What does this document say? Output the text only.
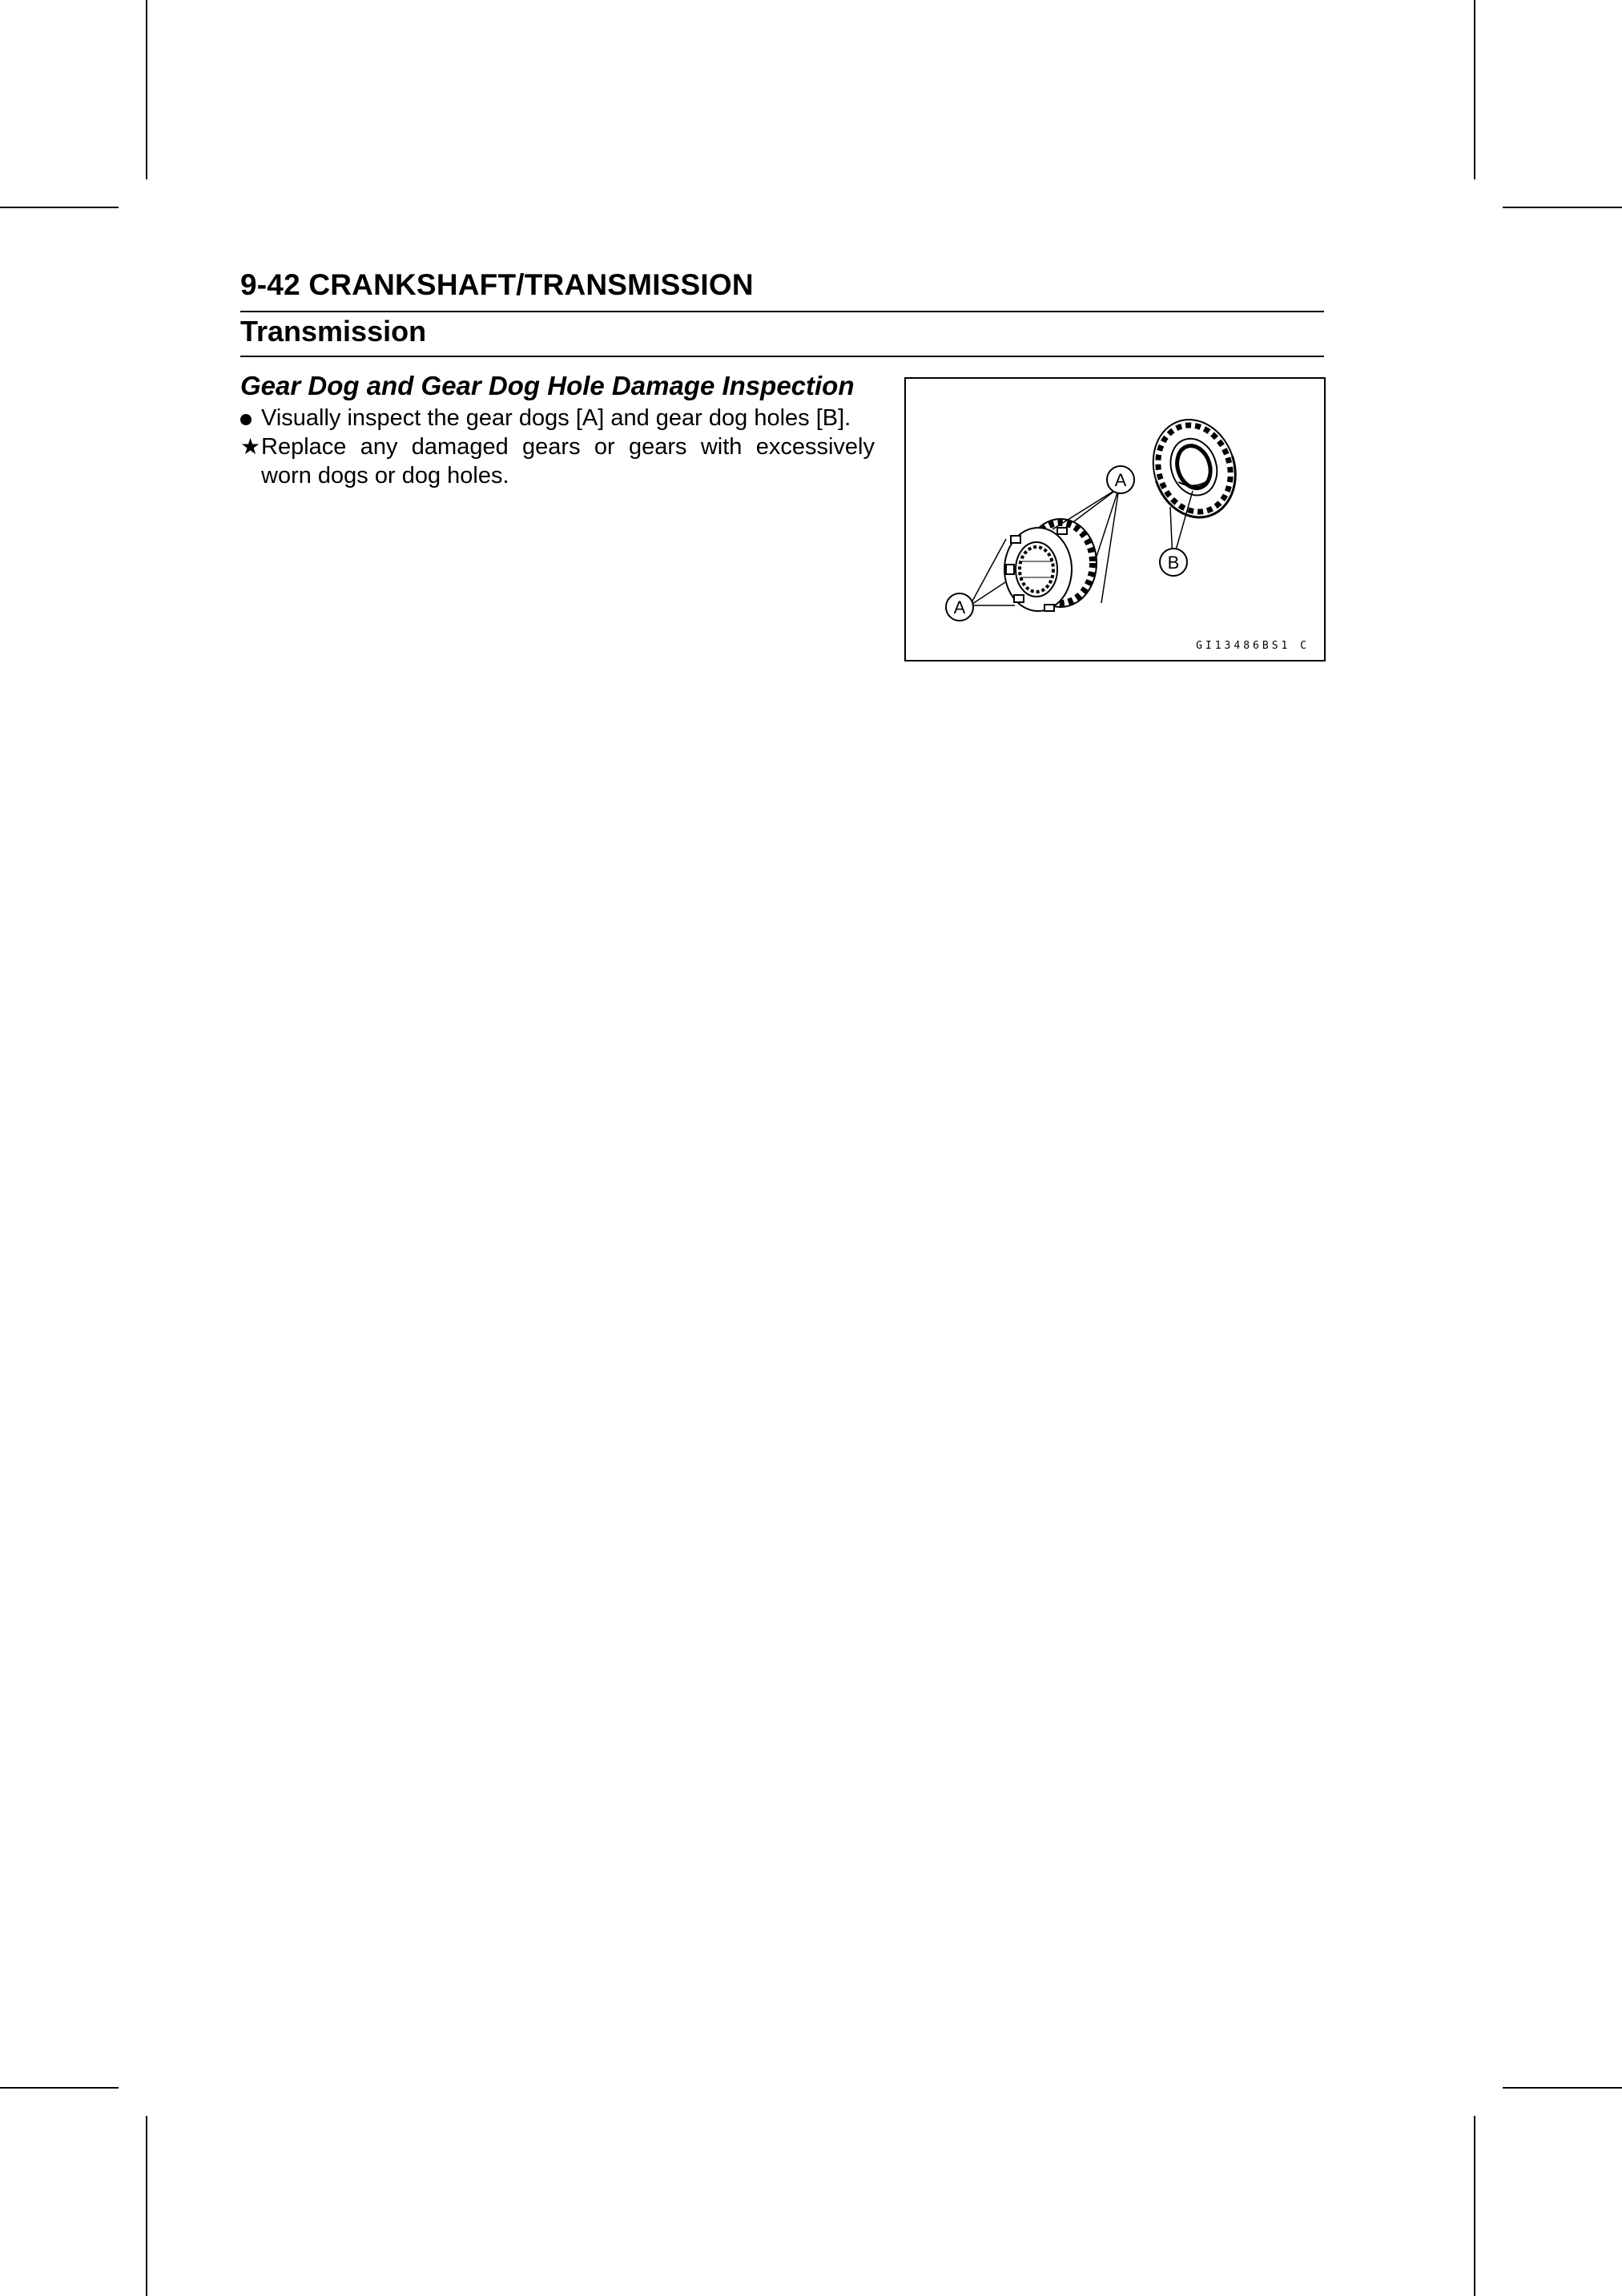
9-42 CRANKSHAFT/TRANSMISSION
Transmission
Gear Dog and Gear Dog Hole Damage Inspection
Visually inspect the gear dogs [A] and gear dog holes [B].
★ Replace any damaged gears or gears with excessively worn dogs or dog holes.	A
A
B
GI13486BS1 C
